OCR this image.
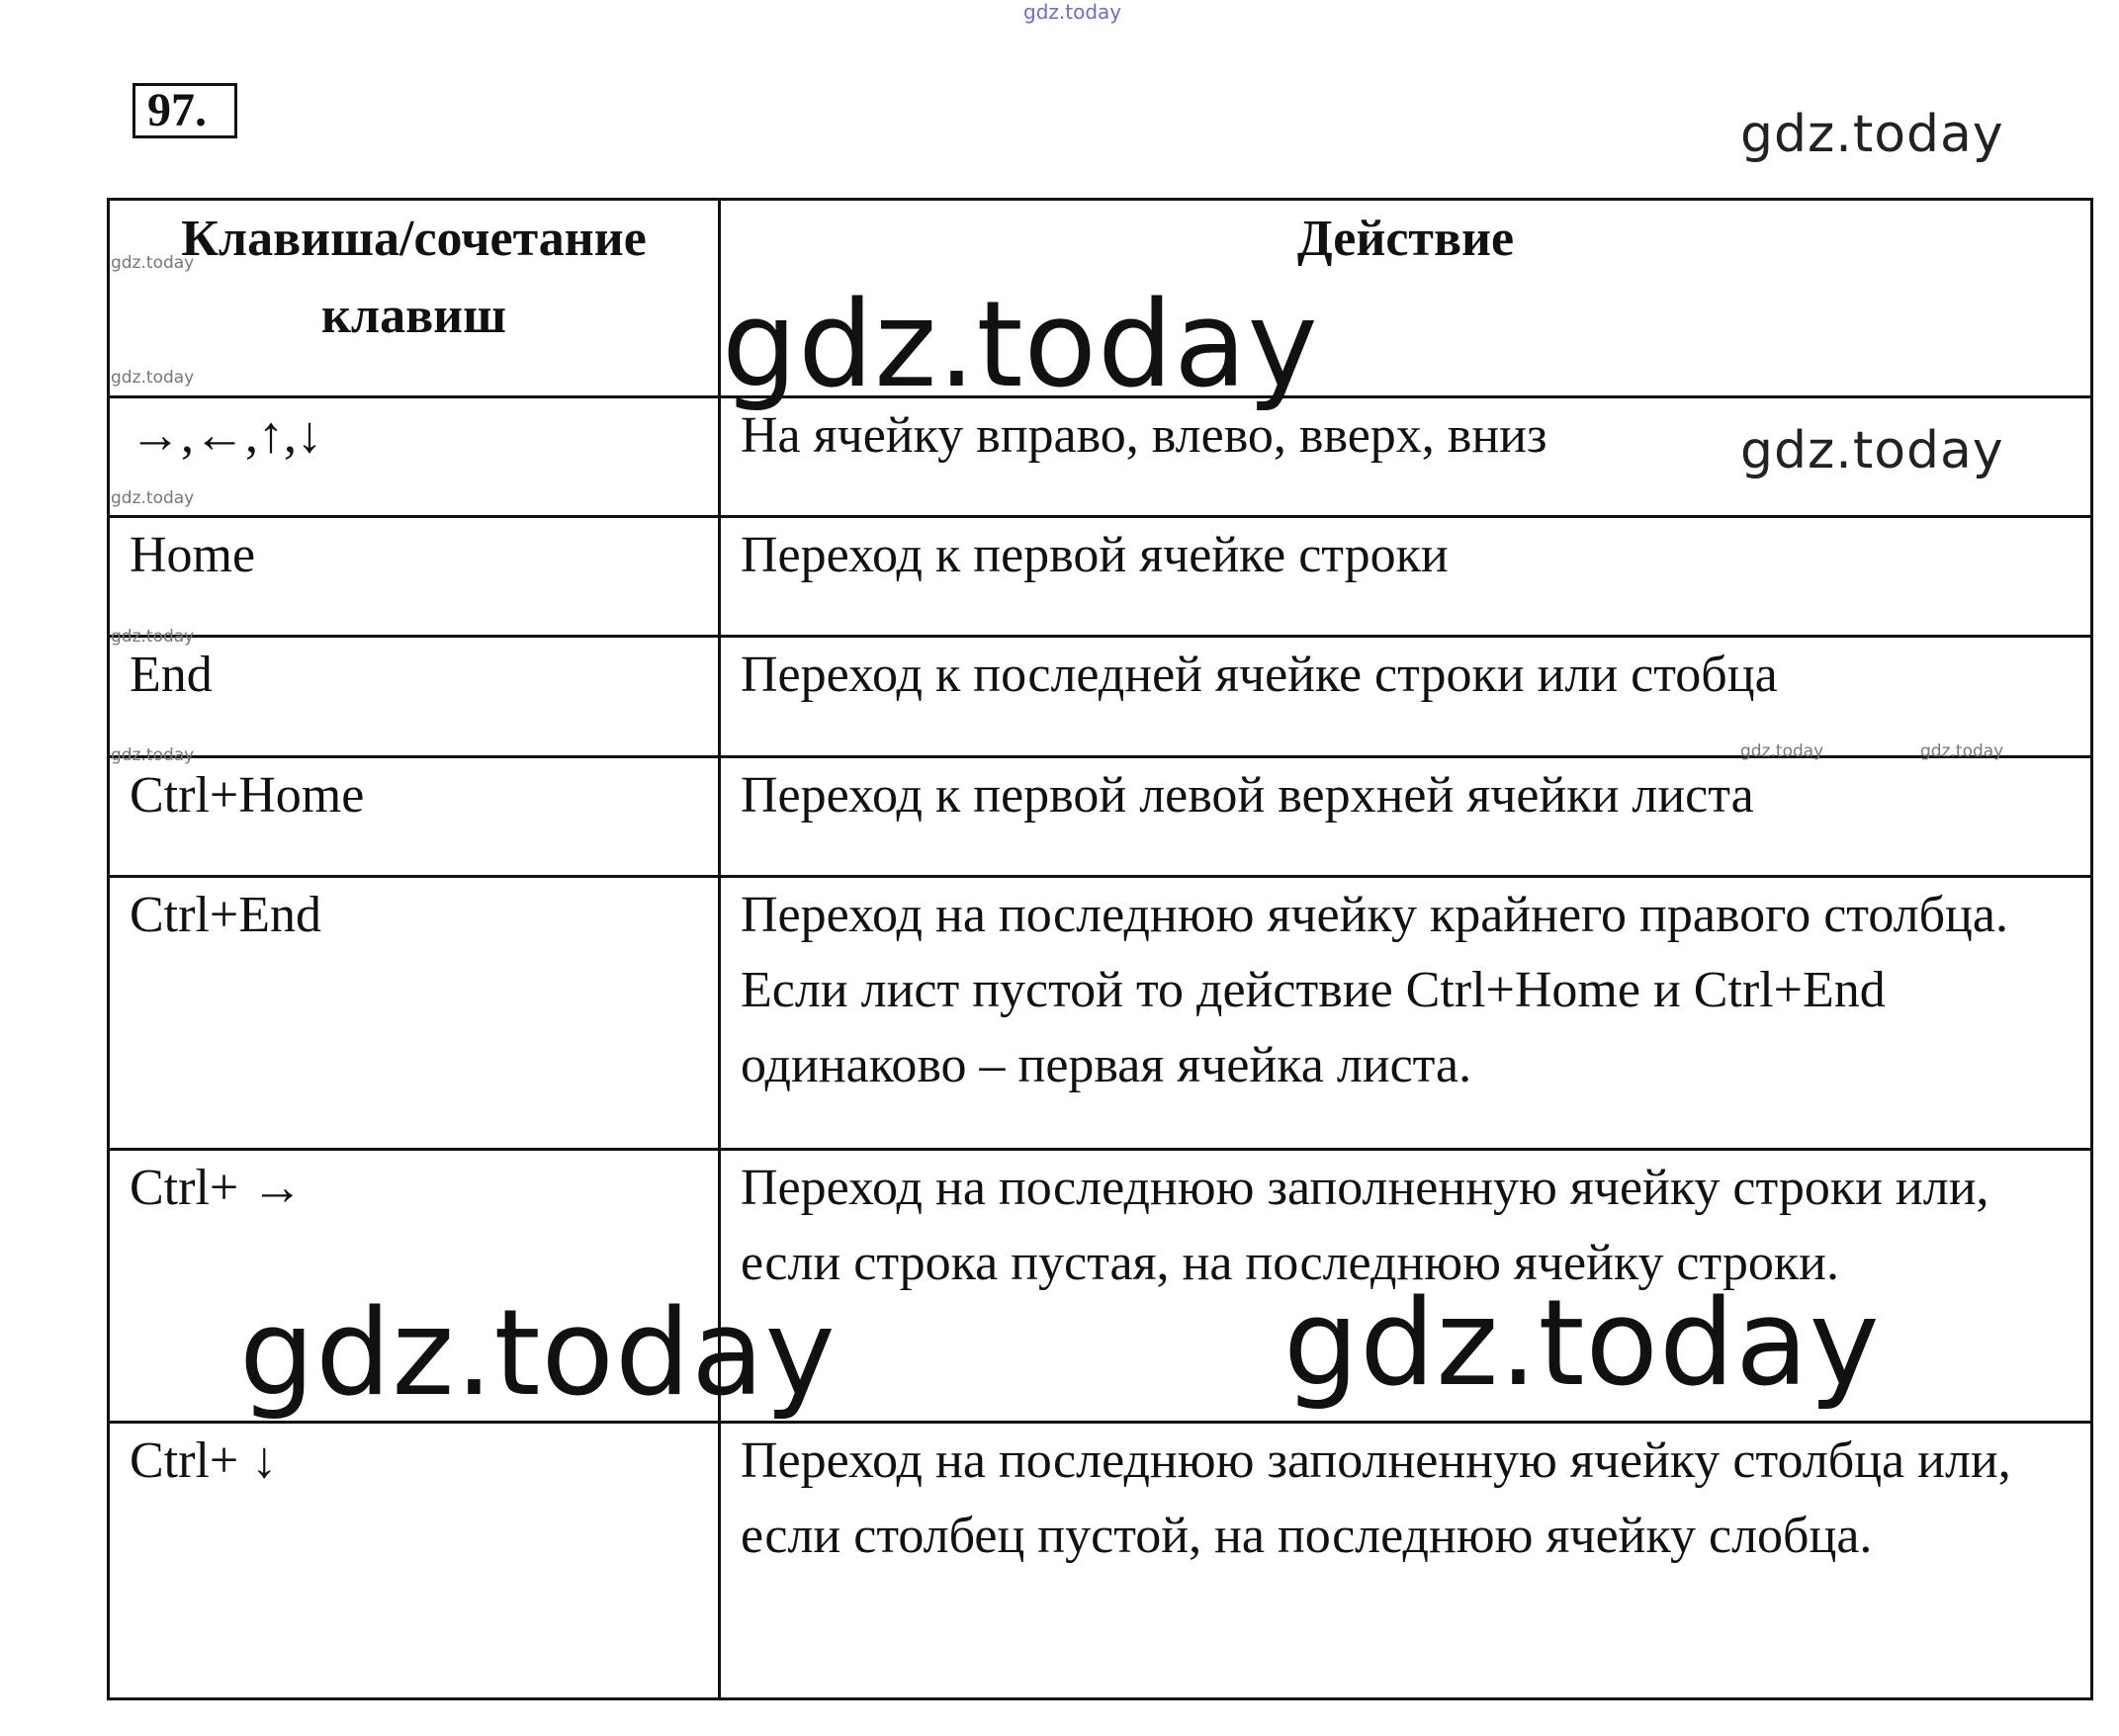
gdz.today
97.	gdz.today
Клавиша/сочетание клавиш	Действие
→,←,↑,↓	На ячейку вправо, влево, вверх, вниз
Home	Переход к первой ячейке строки
End	Переход к последней ячейке строки или стобца
Ctrl+Home	Переход к первой левой верхней ячейки листа
Ctrl+End	Переход на последнюю ячейку крайнего правого столбца. Если лист пустой то действие Ctrl+Home и Ctrl+End одинаково – первая ячейка листа.
Ctrl+ →	Переход на последнюю заполненную ячейку строки или, если строка пустая, на последнюю ячейку строки.
Ctrl+ ↓	Переход на последнюю заполненную ячейку столбца или, если столбец пустой, на последнюю ячейку слобца.
gdz.today
gdz.today
gdz.today	gdz.today
gdz.today
gdz.today
gdz.today
gdz.today
gdz.today	gdz.today	gdz.today
